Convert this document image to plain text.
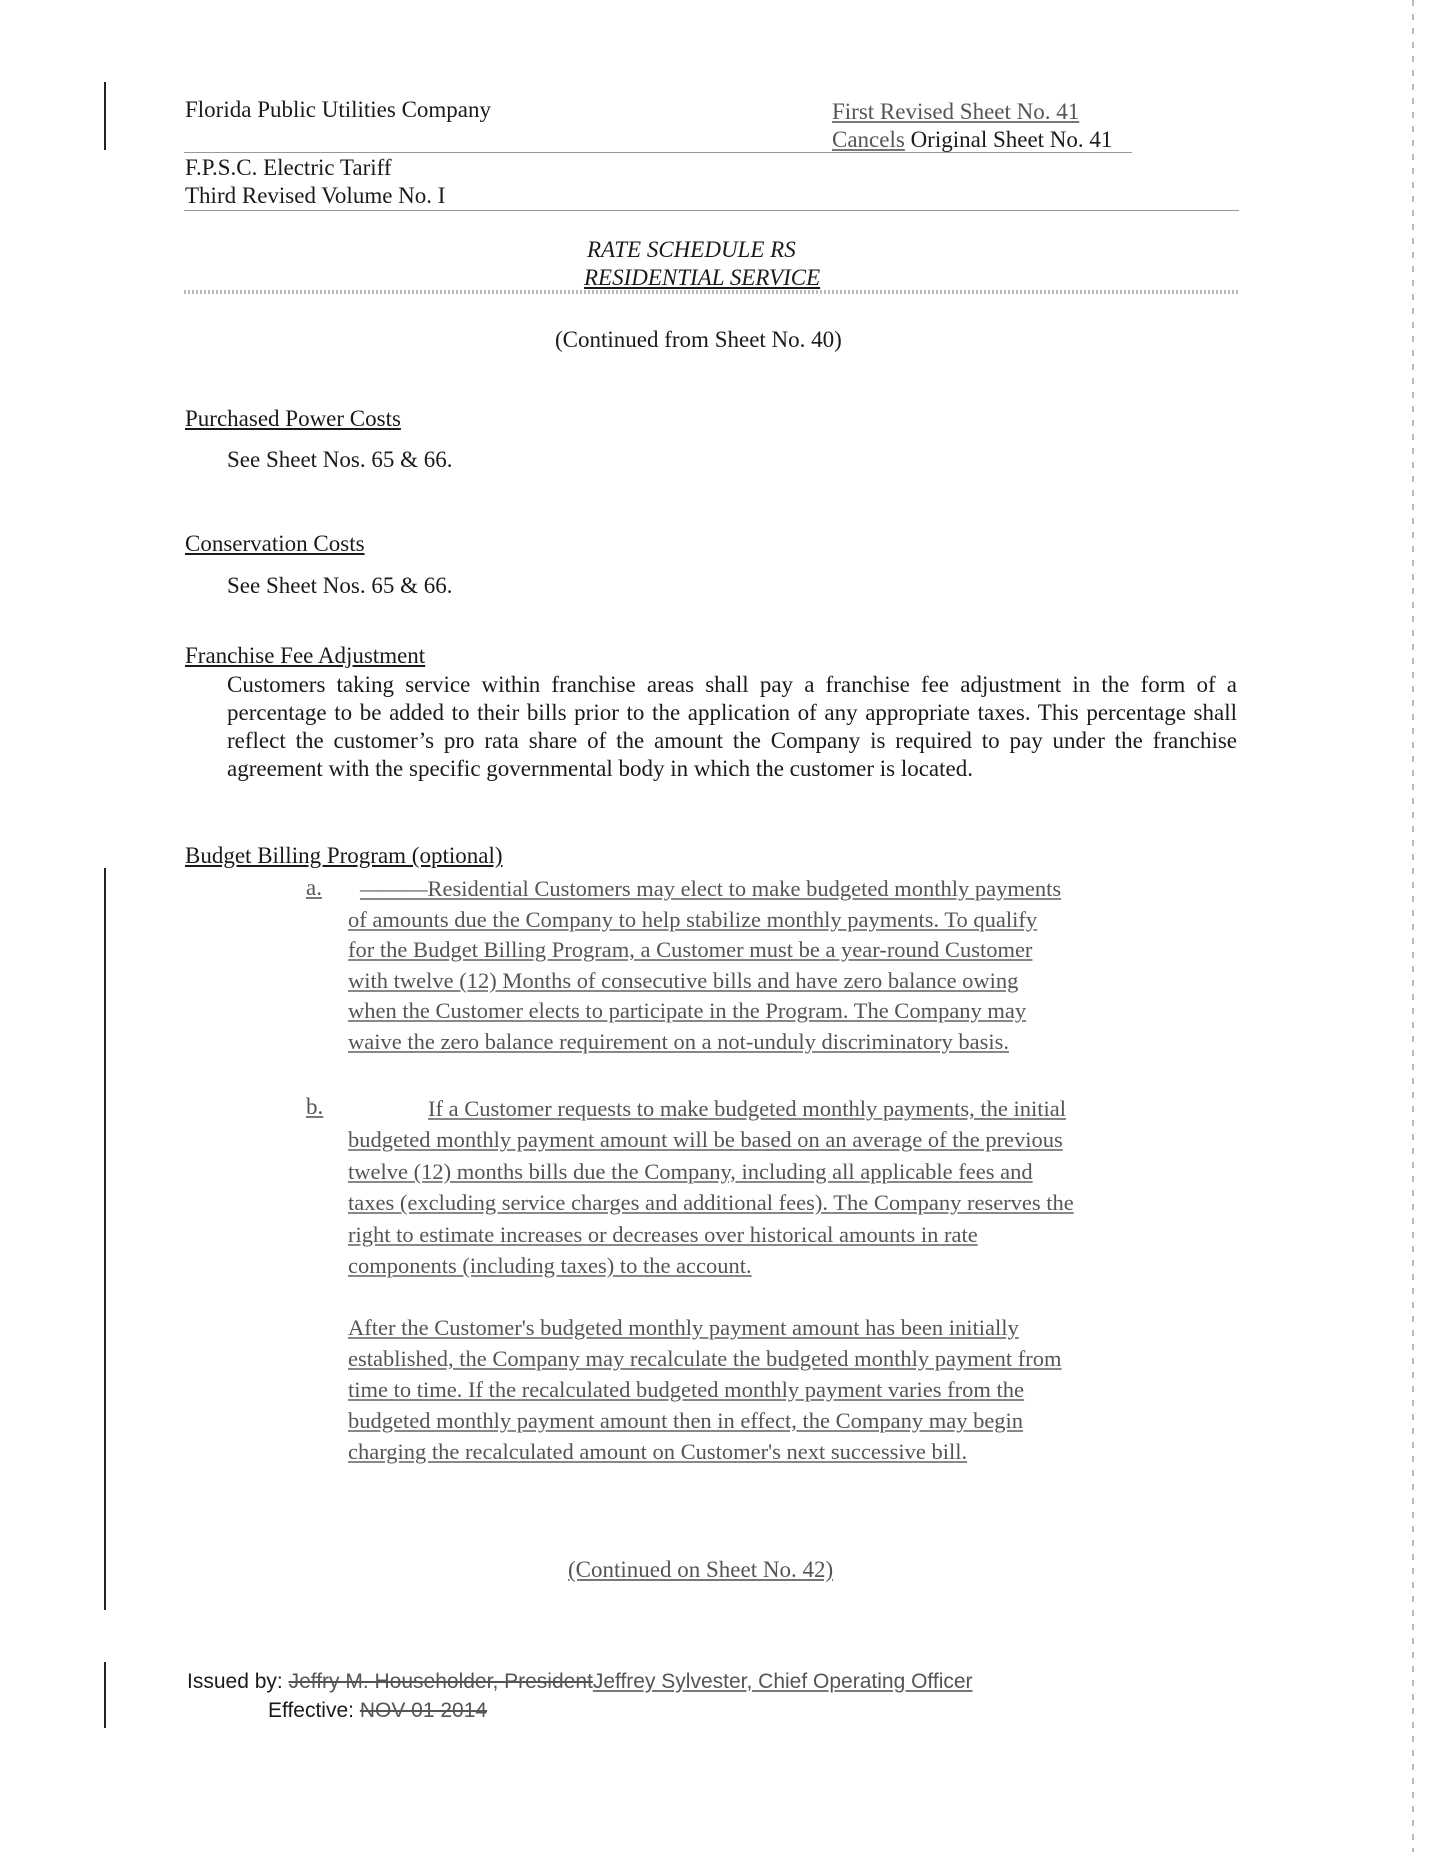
Florida Public Utilities Company	First Revised Sheet No. 41
Cancels Original Sheet No. 41
F.P.S.C. Electric Tariff
Third Revised Volume No. I
RATE SCHEDULE RS
RESIDENTIAL SERVICE
(Continued from Sheet No. 40)
Purchased Power Costs
See Sheet Nos. 65 & 66.
Conservation Costs
See Sheet Nos. 65 & 66.
Franchise Fee Adjustment

Customers taking service within franchise areas shall pay a franchise fee adjustment in the form of a percentage to be added to their bills prior to the application of any appropriate taxes. This percentage shall reflect the customer’s pro rata share of the amount the Company is required to pay under the franchise agreement with the specific governmental body in which the customer is located.

Budget Billing Program (optional)
a. ———Residential Customers may elect to make budgeted monthly payments
of amounts due the Company to help stabilize monthly payments. To qualify
for the Budget Billing Program, a Customer must be a year-round Customer
with twelve (12) Months of consecutive bills and have zero balance owing
when the Customer elects to participate in the Program. The Company may
waive the zero balance requirement on a not-unduly discriminatory basis.
b.	If a Customer requests to make budgeted monthly payments, the initial
budgeted monthly payment amount will be based on an average of the previous
twelve (12) months bills due the Company, including all applicable fees and
taxes (excluding service charges and additional fees). The Company reserves the
right to estimate increases or decreases over historical amounts in rate
components (including taxes) to the account.
After the Customer's budgeted monthly payment amount has been initially
established, the Company may recalculate the budgeted monthly payment from
time to time. If the recalculated budgeted monthly payment varies from the
budgeted monthly payment amount then in effect, the Company may begin
charging the recalculated amount on Customer's next successive bill.
(Continued on Sheet No. 42)
Issued by: Jeffry M. Householder, PresidentJeffrey Sylvester, Chief Operating Officer
Effective: NOV 01 2014
